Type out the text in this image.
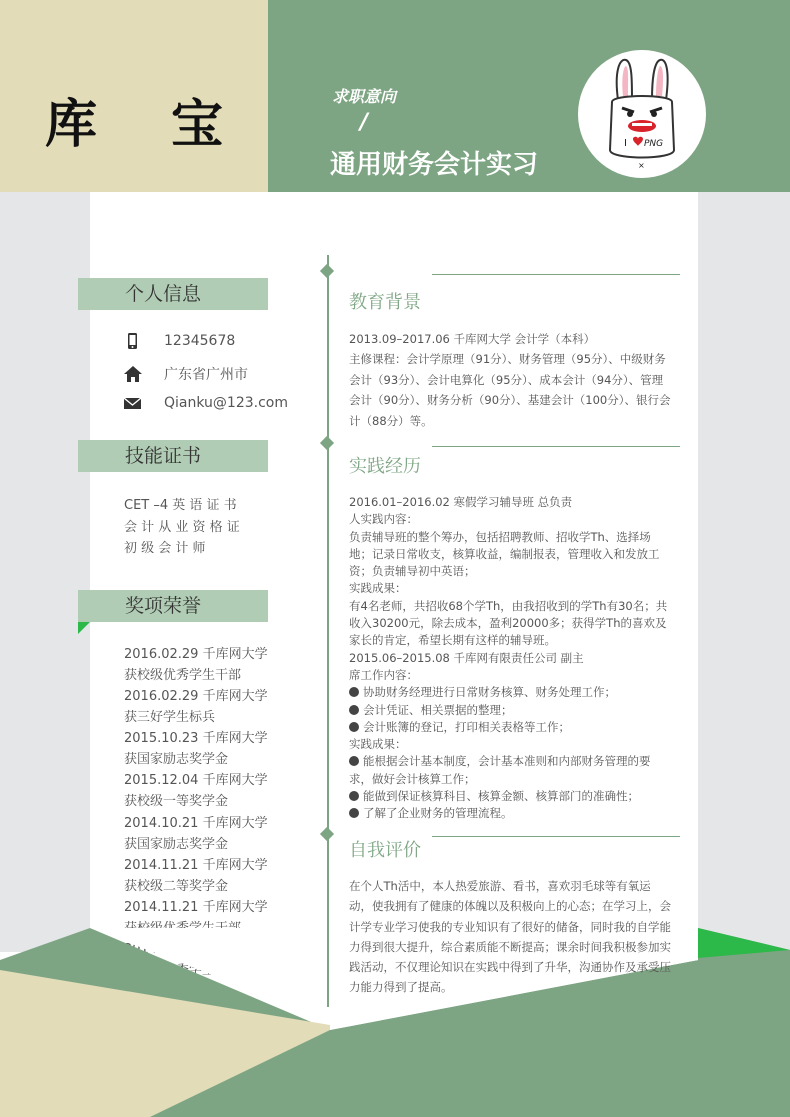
库 宝	求职意向
/
通用财务会计实习
I PNG
×
个人信息
12345678
广东省广州市
Qianku@123.com
技能证书
CET –4 英 语 证 书
会 计 从 业 资 格 证
初 级 会 计 师
奖项荣誉
2016.02.29 千库网大学获校级优秀学生干部
2016.02.29 千库网大学获三好学生标兵
2015.10.23 千库网大学获国家励志奖学金
2015.12.04 千库网大学获校级一等奖学金
2014.10.21 千库网大学获国家励志奖学金
2014.11.21 千库网大学获校级二等奖学金
2014.11.21 千库网大学
教育背景
2013.09–2017.06 千库网大学 会计学（本科）
主修课程：会计学原理（91分）、财务管理（95分）、中级财务会计（93分）、会计电算化（95分）、成本会计（94分）、管理会计（90分）、财务分析（90分）、基建会计（100分）、银行会计（88分）等。
实践经历
2016.01–2016.02 寒假学习辅导班 总负责
人实践内容：
负责辅导班的整个筹办，包括招聘教师、招收学Th、选择场地；记录日常收支，核算收益，编制报表，管理收入和发放工资；负责辅导初中英语；
实践成果：
有4名老师，共招收68个学Th，由我招收到的学Th有30名；共收入30200元，除去成本，盈利20000多；获得学Th的喜欢及家长的肯定，希望长期有这样的辅导班。
2015.06–2015.08 千库网有限责任公司 副主
席工作内容：
协助财务经理进行日常财务核算、财务处理工作；
会计凭证、相关票据的整理；
会计账簿的登记，打印相关表格等工作；
实践成果：
能根据会计基本制度，会计基本准则和内部财务管理的要求，做好会计核算工作；
能做到保证核算科目、核算金额、核算部门的准确性；
了解了企业财务的管理流程。
自我评价
在个人Th活中，本人热爱旅游、看书，喜欢羽毛球等有氧运动，使我拥有了健康的体魄以及积极向上的心态；在学习上，会计学专业学习使我的专业知识有了很好的储备，同时我的自学能力得到很大提升，综合素质能不断提高；课余时间我积极参加实践活动，不仅理论知识在实践中得到了升华，沟通协作及承受压力能力得到了提高。
